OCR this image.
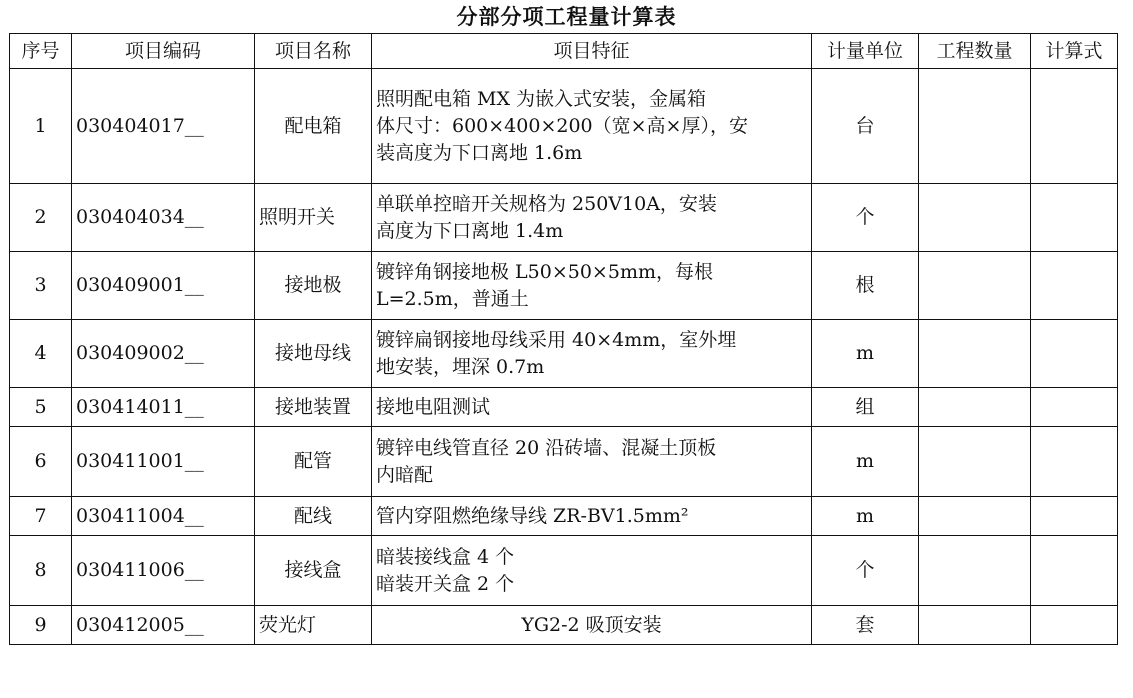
分部分项工程量计算表
序号	项目编码	项目名称	项目特征	计量单位	工程数量	计算式
1	030404017__	配电箱	照明配电箱 MX 为嵌入式安装，金属箱
体尺寸：600×400×200（宽×高×厚），安
装高度为下口离地 1.6m	台		
2	030404034__	照明开关	单联单控暗开关规格为 250V10A，安装
高度为下口离地 1.4m	个		
3	030409001__	接地极	镀锌角钢接地极 L50×50×5mm，每根
L=2.5m，普通土	根		
4	030409002__	接地母线	镀锌扁钢接地母线采用 40×4mm，室外埋
地安装，埋深 0.7m	m		
5	030414011__	接地装置	接地电阻测试	组		
6	030411001__	配管	镀锌电线管直径 20 沿砖墙、混凝土顶板
内暗配	m		
7	030411004__	配线	管内穿阻燃绝缘导线 ZR-BV1.5mm²	m		
8	030411006__	接线盒	暗装接线盒 4 个
暗装开关盒 2 个	个		
9	030412005__	荧光灯	YG2-2 吸顶安装	套		
